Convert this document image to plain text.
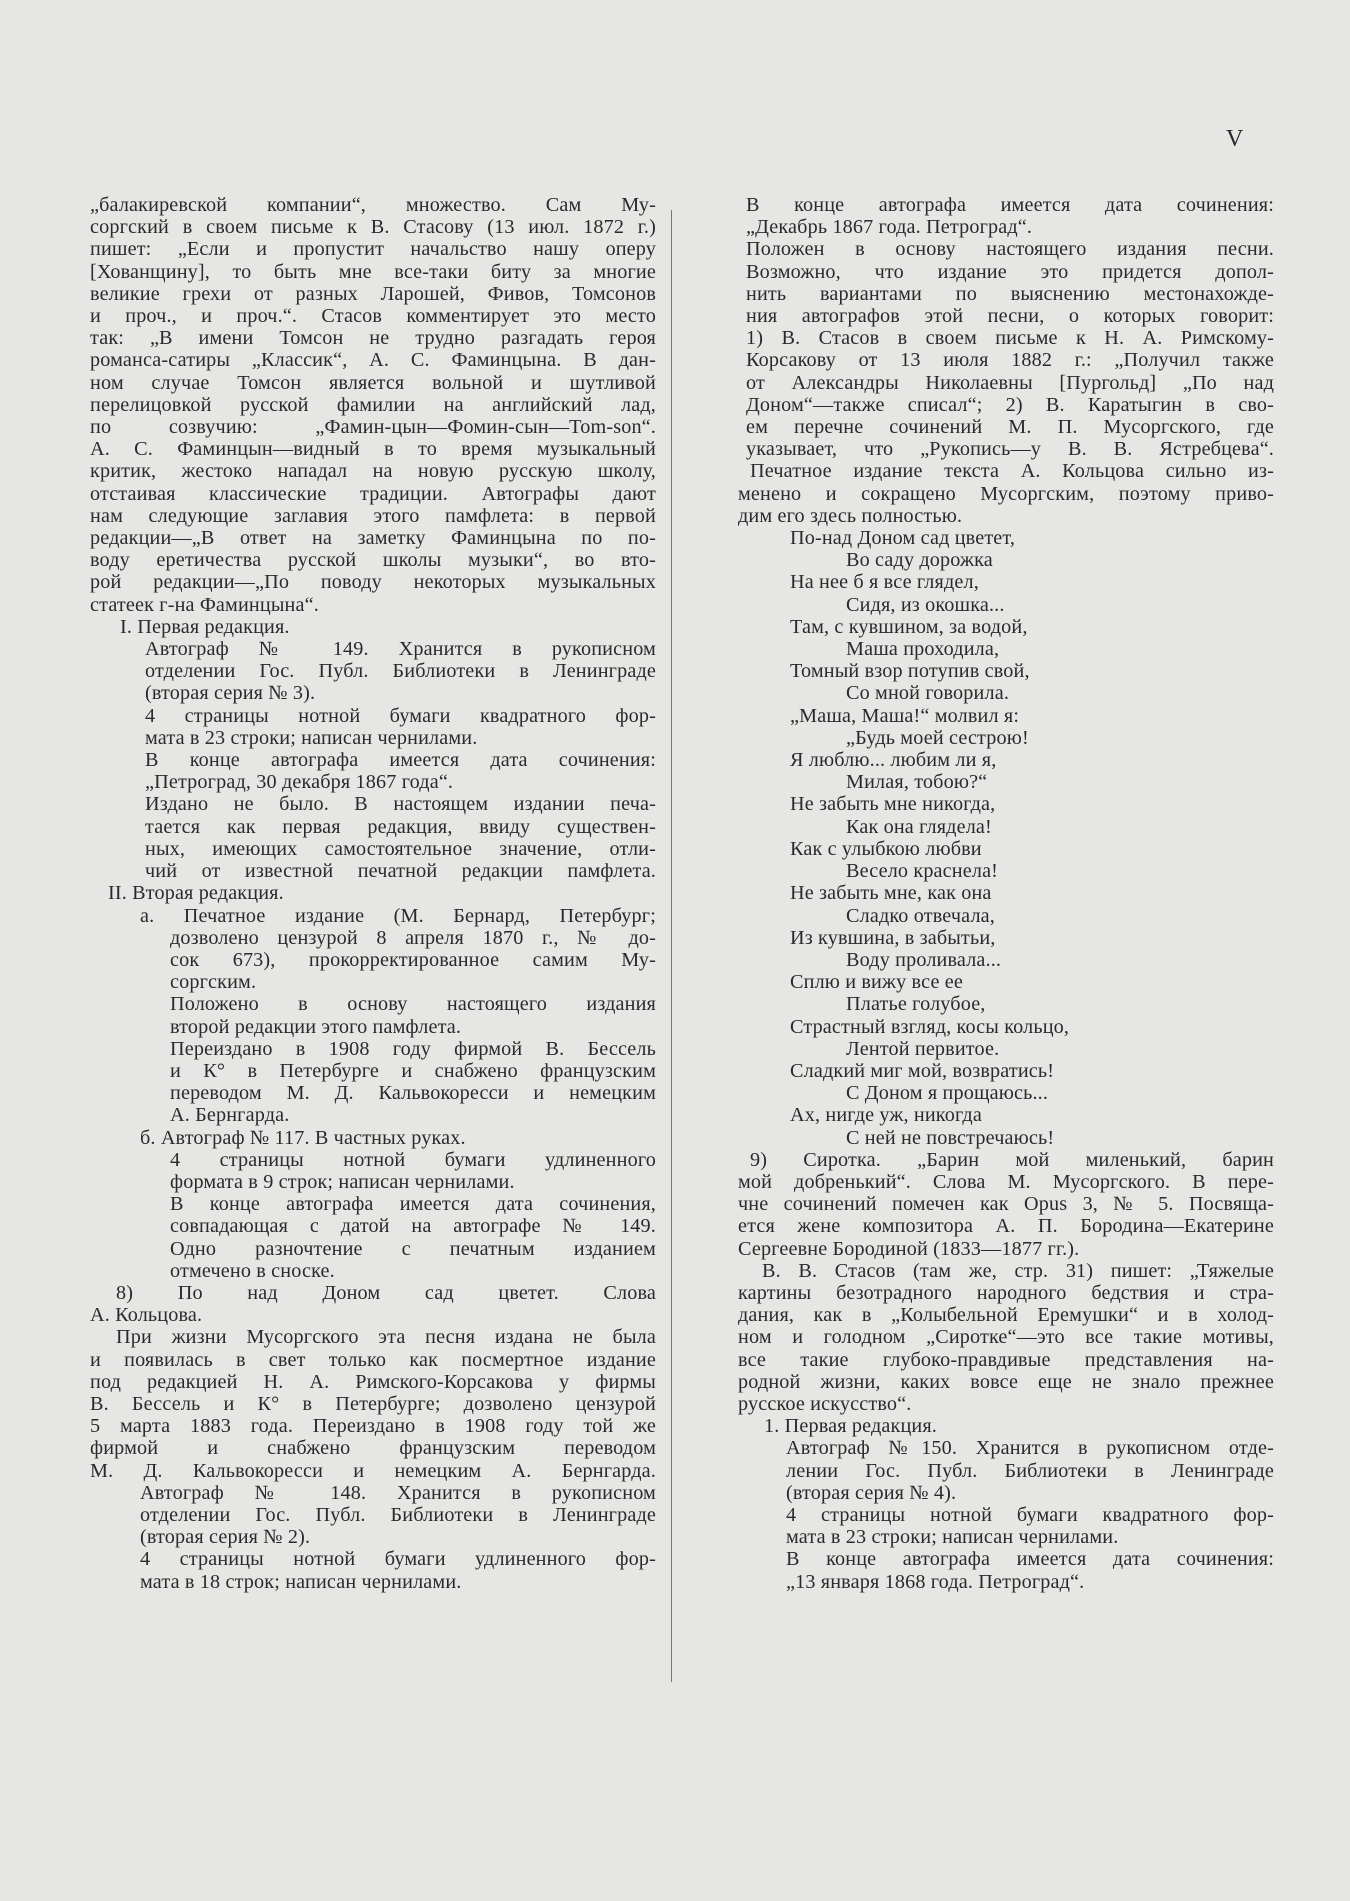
V
„балакиревской компании“, множество. Сам Му-
соргский в своем письме к В. Стасову (13 июл. 1872 г.)
пишет: „Если и пропустит начальство нашу оперу
[Хованщину], то быть мне все-таки биту за многие
великие грехи от разных Ларошей, Фивов, Томсонов
и проч., и проч.“. Стасов комментирует это место
так: „В имени Томсон не трудно разгадать героя
романса-сатиры „Классик“, А. С. Фаминцына. В дан-
ном случае Томсон является вольной и шутливой
перелицовкой русской фамилии на английский лад,
по созвучию: „Фамин-цын—Фомин-сын—Tom-son“.
А. С. Фаминцын—видный в то время музыкальный
критик, жестоко нападал на новую русскую школу,
отстаивая классические традиции. Автографы дают
нам следующие заглавия этого памфлета: в первой
редакции—„В ответ на заметку Фаминцына по по-
воду еретичества русской школы музыки“, во вто-
рой редакции—„По поводу некоторых музыкальных
статеек г-на Фаминцына“.
I. Первая редакция.
Автограф № 149. Хранится в рукописном
отделении Гос. Публ. Библиотеки в Ленинграде
(вторая серия № 3).
4 страницы нотной бумаги квадратного фор-
мата в 23 строки; написан чернилами.
В конце автографа имеется дата сочинения:
„Петроград, 30 декабря 1867 года“.
Издано не было. В настоящем издании печа-
тается как первая редакция, ввиду существен-
ных, имеющих самостоятельное значение, отли-
чий от известной печатной редакции памфлета.
II. Вторая редакция.
а. Печатное издание (М. Бернард, Петербург;
дозволено цензурой 8 апреля 1870 г., № до-
сок 673), прокорректированное самим Му-
соргским.
Положено в основу настоящего издания
второй редакции этого памфлета.
Переиздано в 1908 году фирмой В. Бессель
и К° в Петербурге и снабжено французским
переводом М. Д. Кальвокоресси и немецким
А. Бернгарда.
б. Автограф № 117. В частных руках.
4 страницы нотной бумаги удлиненного
формата в 9 строк; написан чернилами.
В конце автографа имеется дата сочинения,
совпадающая с датой на автографе № 149.
Одно разночтение с печатным изданием
отмечено в сноске.
8) По над Доном сад цветет. Слова
А. Кольцова.
При жизни Мусоргского эта песня издана не была
и появилась в свет только как посмертное издание
под редакцией Н. А. Римского-Корсакова у фирмы
В. Бессель и К° в Петербурге; дозволено цензурой
5 марта 1883 года. Переиздано в 1908 году той же
фирмой и снабжено французским переводом
М. Д. Кальвокоресси и немецким А. Бернгарда.
Автограф № 148. Хранится в рукописном
отделении Гос. Публ. Библиотеки в Ленинграде
(вторая серия № 2).
4 страницы нотной бумаги удлиненного фор-
мата в 18 строк; написан чернилами.
В конце автографа имеется дата сочинения:
„Декабрь 1867 года. Петроград“.
Положен в основу настоящего издания песни.
Возможно, что издание это придется допол-
нить вариантами по выяснению местонахожде-
ния автографов этой песни, о которых говорит:
1) В. Стасов в своем письме к Н. А. Римскому-
Корсакову от 13 июля 1882 г.: „Получил также
от Александры Николаевны [Пургольд] „По над
Доном“—также списал“; 2) В. Каратыгин в сво-
ем перечне сочинений М. П. Мусоргского, где
указывает, что „Рукопись—у В. В. Ястребцева“.
Печатное издание текста А. Кольцова сильно из-
менено и сокращено Мусоргским, поэтому приво-
дим его здесь полностью.
По-над Доном сад цветет,
Во саду дорожка
На нее б я все глядел,
Сидя, из окошка...
Там, с кувшином, за водой,
Маша проходила,
Томный взор потупив свой,
Со мной говорила.
„Маша, Маша!“ молвил я:
„Будь моей сестрою!
Я люблю... любим ли я,
Милая, тобою?“
Не забыть мне никогда,
Как она глядела!
Как с улыбкою любви
Весело краснела!
Не забыть мне, как она
Сладко отвечала,
Из кувшина, в забытьи,
Воду проливала...
Сплю и вижу все ее
Платье голубое,
Страстный взгляд, косы кольцо,
Лентой первитое.
Сладкий миг мой, возвратись!
С Доном я прощаюсь...
Ах, нигде уж, никогда
С ней не повстречаюсь!
9) Сиротка. „Барин мой миленький, барин
мой добренький“. Слова М. Мусоргского. В пере-
чне сочинений помечен как Opus 3, № 5. Посвяща-
ется жене композитора А. П. Бородина—Екатерине
Сергеевне Бородиной (1833—1877 гг.).
В. В. Стасов (там же, стр. 31) пишет: „Тяжелые
картины безотрадного народного бедствия и стра-
дания, как в „Колыбельной Еремушки“ и в холод-
ном и голодном „Сиротке“—это все такие мотивы,
все такие глубоко-правдивые представления на-
родной жизни, каких вовсе еще не знало прежнее
русское искусство“.
1. Первая редакция.
Автограф №150. Хранится в рукописном отде-
лении Гос. Публ. Библиотеки в Ленинграде
(вторая серия № 4).
4 страницы нотной бумаги квадратного фор-
мата в 23 строки; написан чернилами.
В конце автографа имеется дата сочинения:
„13 января 1868 года. Петроград“.
